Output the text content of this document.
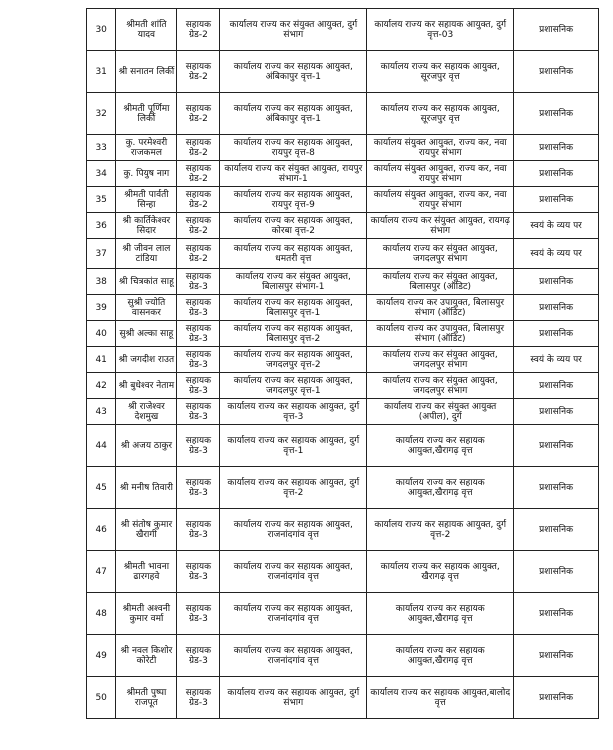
30	श्रीमती शांति यादव	सहायक ग्रेड-2	कार्यालय राज्य कर संयुक्त आयुक्त, दुर्ग संभाग	कार्यालय राज्य कर सहायक आयुक्त, दुर्ग वृत्त-03	प्रशासनिक
31	श्री सनातन लिर्की	सहायक ग्रेड-2	कार्यालय राज्य कर सहायक आयुक्त, अंबिकापुर वृत्त-1	कार्यालय राज्य कर सहायक आयुक्त, सूरजपुर वृत्त	प्रशासनिक
32	श्रीमती पूर्णिमा लिर्की	सहायक ग्रेड-2	कार्यालय राज्य कर सहायक आयुक्त, अंबिकापुर वृत्त-1	कार्यालय राज्य कर सहायक आयुक्त, सूरजपुर वृत्त	प्रशासनिक
33	कु. परमेश्वरी राजकमल	सहायक ग्रेड-2	कार्यालय राज्य कर सहायक आयुक्त, रायपुर वृत्त-8	कार्यालय संयुक्त आयुक्त, राज्य कर, नवा रायपुर संभाग	प्रशासनिक
34	कु. पियुष नाग	सहायक ग्रेड-2	कार्यालय राज्य कर संयुक्त आयुक्त, रायपुर संभाग-1	कार्यालय संयुक्त आयुक्त, राज्य कर, नवा रायपुर संभाग	प्रशासनिक
35	श्रीमती पार्वती सिन्हा	सहायक ग्रेड-2	कार्यालय राज्य कर सहायक आयुक्त, रायपुर वृत्त-9	कार्यालय संयुक्त आयुक्त, राज्य कर, नवा रायपुर संभाग	प्रशासनिक
36	श्री कार्तिकेश्वर सिदार	सहायक ग्रेड-2	कार्यालय राज्य कर सहायक आयुक्त, कोरबा वृत्त-2	कार्यालय राज्य कर संयुक्त आयुक्त, रायगढ़ संभाग	स्वयं के व्यय पर
37	श्री जीवन लाल टांडिया	सहायक ग्रेड-2	कार्यालय राज्य कर सहायक आयुक्त, धमतरी वृत्त	कार्यालय राज्य कर संयुक्त आयुक्त, जगदलपुर संभाग	स्वयं के व्यय पर
38	श्री चित्रकांत साहू	सहायक ग्रेड-3	कार्यालय राज्य कर संयुक्त आयुक्त, बिलासपुर संभाग-1	कार्यालय राज्य कर संयुक्त आयुक्त, बिलासपुर (ऑडिट)	प्रशासनिक
39	सुश्री ज्योति वासनकर	सहायक ग्रेड-3	कार्यालय राज्य कर सहायक आयुक्त, बिलासपुर वृत्त-1	कार्यालय राज्य कर उपायुक्त, बिलासपुर संभाग (ऑडिट)	प्रशासनिक
40	सुश्री अल्का साहू	सहायक ग्रेड-3	कार्यालय राज्य कर सहायक आयुक्त, बिलासपुर वृत्त-2	कार्यालय राज्य कर उपायुक्त, बिलासपुर संभाग (ऑडिट)	प्रशासनिक
41	श्री जगदीश राउत	सहायक ग्रेड-3	कार्यालय राज्य कर सहायक आयुक्त, जगदलपुर वृत्त-2	कार्यालय राज्य कर संयुक्त आयुक्त, जगदलपुर संभाग	स्वयं के व्यय पर
42	श्री बुधेश्वर नेताम	सहायक ग्रेड-3	कार्यालय राज्य कर सहायक आयुक्त, जगदलपुर वृत्त-1	कार्यालय राज्य कर संयुक्त आयुक्त, जगदलपुर संभाग	प्रशासनिक
43	श्री राजेश्वर देशमुख	सहायक ग्रेड-3	कार्यालय राज्य कर सहायक आयुक्त, दुर्ग वृत्त-3	कार्यालय राज्य कर संयुक्त आयुक्त (अपील), दुर्ग	प्रशासनिक
44	श्री अजय ठाकुर	सहायक ग्रेड-3	कार्यालय राज्य कर सहायक आयुक्त, दुर्ग वृत्त-1	कार्यालय राज्य कर सहायक आयुक्त,खैरागढ़ वृत्त	प्रशासनिक
45	श्री मनीष तिवारी	सहायक ग्रेड-3	कार्यालय राज्य कर सहायक आयुक्त, दुर्ग वृत्त-2	कार्यालय राज्य कर सहायक आयुक्त,खैरागढ़ वृत्त	प्रशासनिक
46	श्री संतोष कुमार खैरागी	सहायक ग्रेड-3	कार्यालय राज्य कर सहायक आयुक्त, राजनांदगांव वृत्त	कार्यालय राज्य कर सहायक आयुक्त, दुर्ग वृत्त-2	प्रशासनिक
47	श्रीमती भावना ढारगहवे	सहायक ग्रेड-3	कार्यालय राज्य कर सहायक आयुक्त, राजनांदगांव वृत्त	कार्यालय राज्य कर सहायक आयुक्त, खैरागढ़ वृत्त	प्रशासनिक
48	श्रीमती अश्वनी कुमार वर्मा	सहायक ग्रेड-3	कार्यालय राज्य कर सहायक आयुक्त, राजनांदगांव वृत्त	कार्यालय राज्य कर सहायक आयुक्त,खैरागढ़ वृत्त	प्रशासनिक
49	श्री नवल किशोर कोरेटी	सहायक ग्रेड-3	कार्यालय राज्य कर सहायक आयुक्त, राजनांदगांव वृत्त	कार्यालय राज्य कर सहायक आयुक्त,खैरागढ़ वृत्त	प्रशासनिक
50	श्रीमती पुष्पा राजपूत	सहायक ग्रेड-3	कार्यालय राज्य कर सहायक आयुक्त, दुर्ग संभाग	कार्यालय राज्य कर सहायक आयुक्त,बालोद वृत्त	प्रशासनिक
